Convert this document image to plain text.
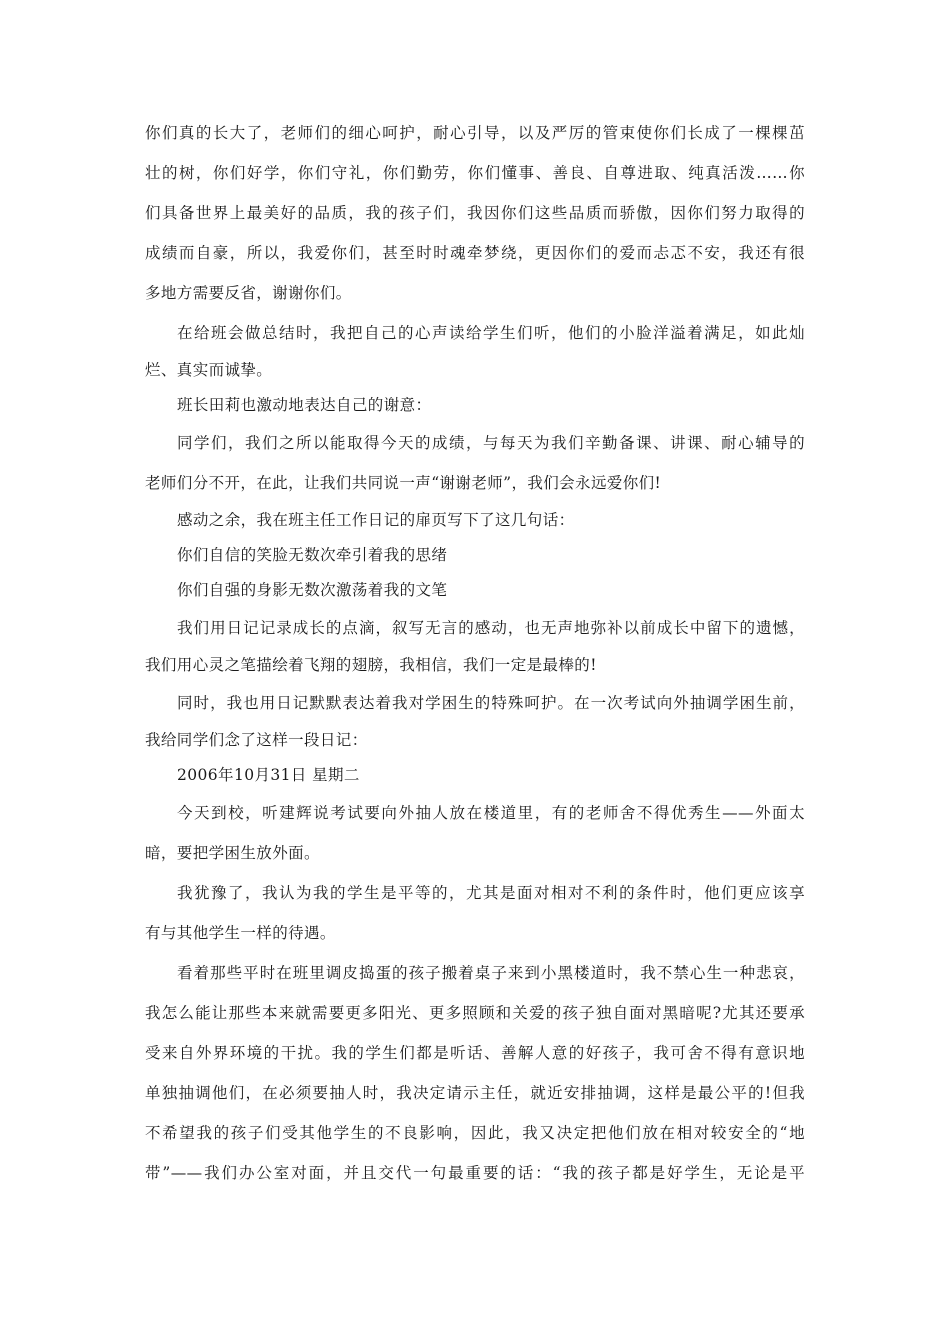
你们真的长大了，老师们的细心呵护，耐心引导，以及严厉的管束使你们长成了一棵棵茁
壮的树，你们好学，你们守礼，你们勤劳，你们懂事、善良、自尊进取、纯真活泼……你
们具备世界上最美好的品质，我的孩子们，我因你们这些品质而骄傲，因你们努力取得的
成绩而自豪，所以，我爱你们，甚至时时魂牵梦绕，更因你们的爱而忐忑不安，我还有很
多地方需要反省，谢谢你们。
在给班会做总结时，我把自己的心声读给学生们听，他们的小脸洋溢着满足，如此灿
烂、真实而诚挚。
班长田莉也激动地表达自己的谢意：
同学们，我们之所以能取得今天的成绩，与每天为我们辛勤备课、讲课、耐心辅导的
老师们分不开，在此，让我们共同说一声“谢谢老师”，我们会永远爱你们!
感动之余，我在班主任工作日记的扉页写下了这几句话：
你们自信的笑脸无数次牵引着我的思绪
你们自强的身影无数次激荡着我的文笔
我们用日记记录成长的点滴，叙写无言的感动，也无声地弥补以前成长中留下的遗憾，
我们用心灵之笔描绘着飞翔的翅膀，我相信，我们一定是最棒的!
同时，我也用日记默默表达着我对学困生的特殊呵护。在一次考试向外抽调学困生前，
我给同学们念了这样一段日记：
2006年10月31日 星期二
今天到校，听建辉说考试要向外抽人放在楼道里，有的老师舍不得优秀生——外面太
暗，要把学困生放外面。
我犹豫了，我认为我的学生是平等的，尤其是面对相对不利的条件时，他们更应该享
有与其他学生一样的待遇。
看着那些平时在班里调皮捣蛋的孩子搬着桌子来到小黑楼道时，我不禁心生一种悲哀，
我怎么能让那些本来就需要更多阳光、更多照顾和关爱的孩子独自面对黑暗呢?尤其还要承
受来自外界环境的干扰。我的学生们都是听话、善解人意的好孩子，我可舍不得有意识地
单独抽调他们，在必须要抽人时，我决定请示主任，就近安排抽调，这样是最公平的!但我
不希望我的孩子们受其他学生的不良影响，因此，我又决定把他们放在相对较安全的“地
带”——我们办公室对面，并且交代一句最重要的话：“我的孩子都是好学生，无论是平
